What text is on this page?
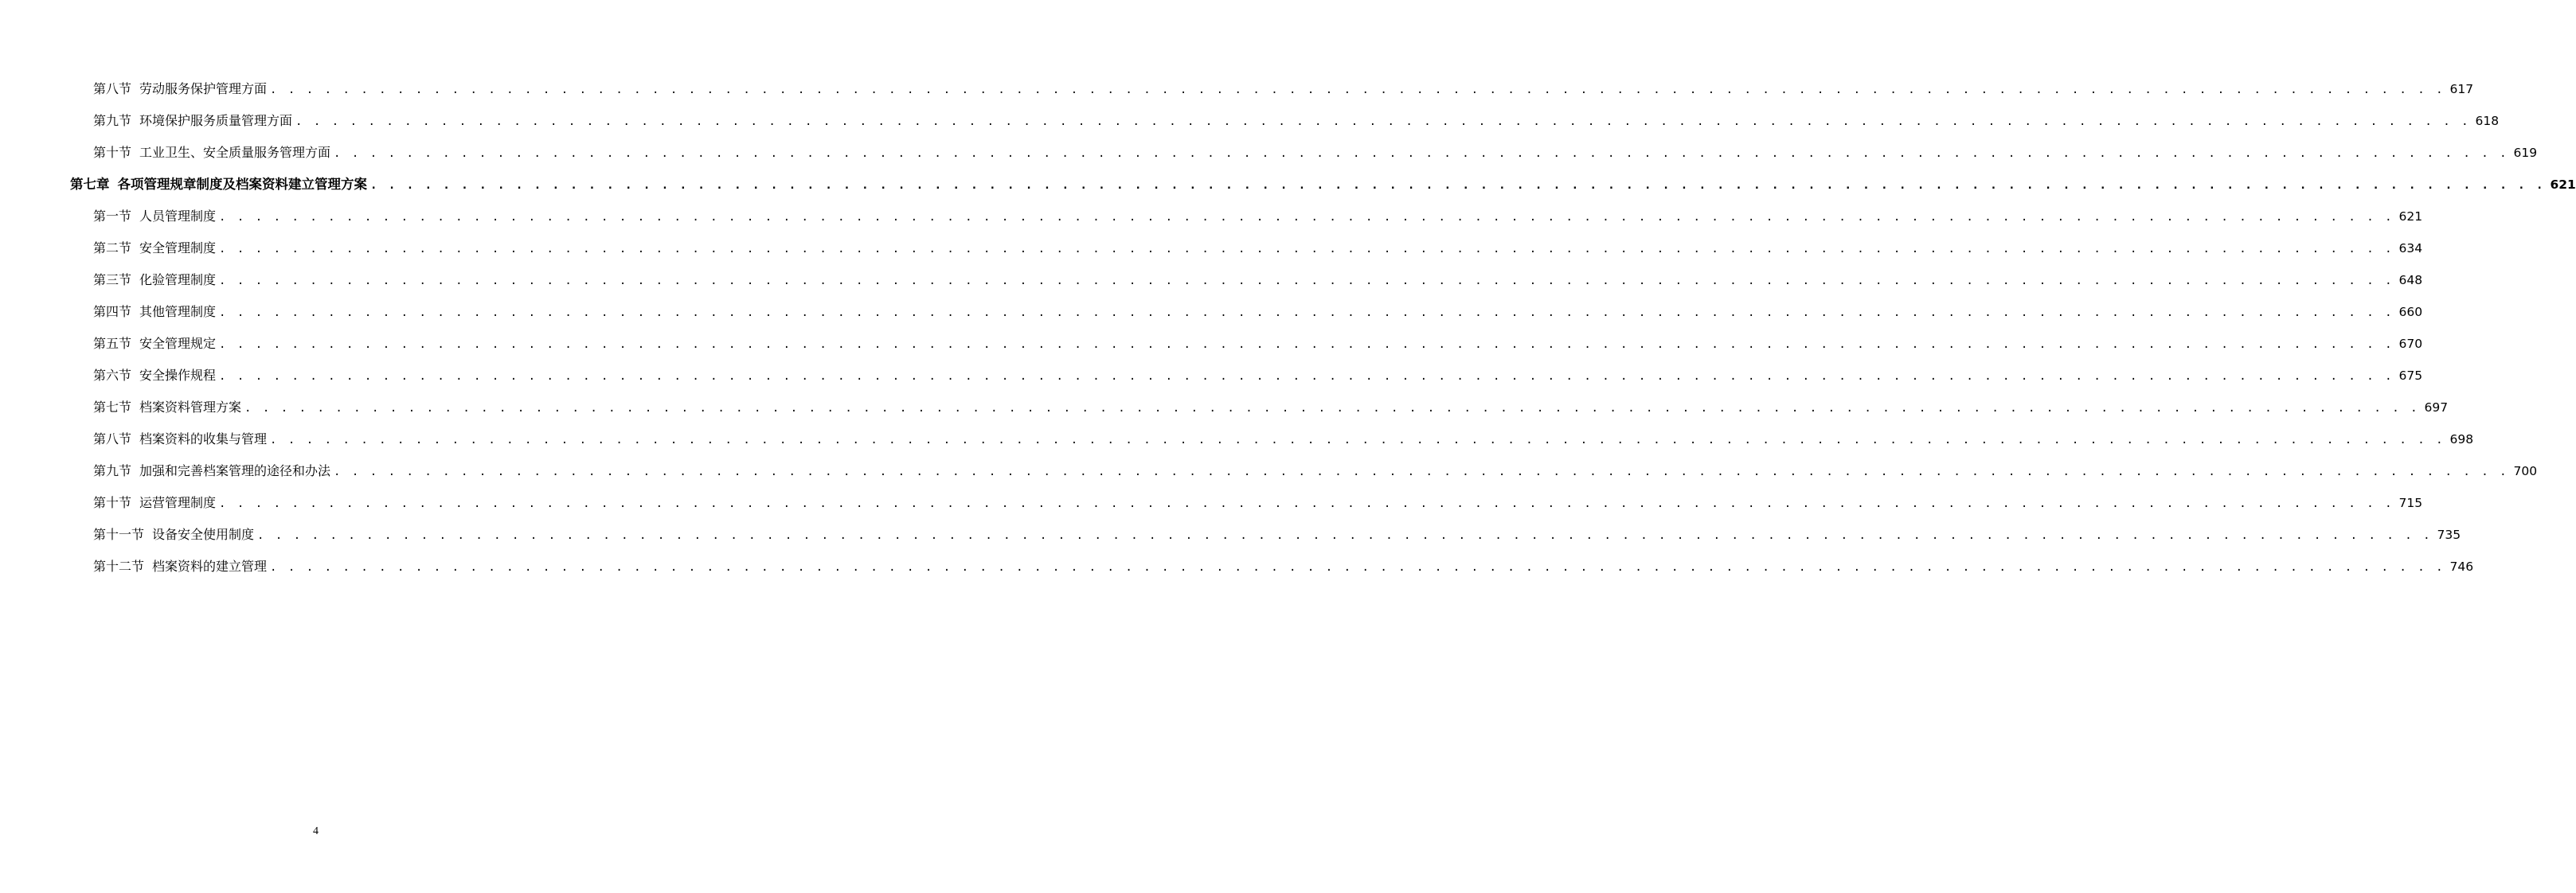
第八节 劳动服务保护管理方面 . . . . . . . . . . . . . . . . . . . . . . . . . . . . . . . . . . . . . . . . . . . . . . . . . . . . . . . . . . . . . . . . . . . . . . . . . . . . . . . . . . . . . . . . . . . . . . . . . . . . . . . . . . . . . . . . . . . . . . . . 617
第九节 环境保护服务质量管理方面 . . . . . . . . . . . . . . . . . . . . . . . . . . . . . . . . . . . . . . . . . . . . . . . . . . . . . . . . . . . . . . . . . . . . . . . . . . . . . . . . . . . . . . . . . . . . . . . . . . . . . . . . . . . . . . . . . . . . . . . . 618
第十节 工业卫生、安全质量服务管理方面 . . . . . . . . . . . . . . . . . . . . . . . . . . . . . . . . . . . . . . . . . . . . . . . . . . . . . . . . . . . . . . . . . . . . . . . . . . . . . . . . . . . . . . . . . . . . . . . . . . . . . . . . . . . . . . . . . . . . . . . . 619
第七章 各项管理规章制度及档案资料建立管理方案 . . . . . . . . . . . . . . . . . . . . . . . . . . . . . . . . . . . . . . . . . . . . . . . . . . . . . . . . . . . . . . . . . . . . . . . . . . . . . . . . . . . . . . . . . . . . . . . . . . . . . . . . . . . . . . . . . . . . . . . . 621
第一节 人员管理制度 . . . . . . . . . . . . . . . . . . . . . . . . . . . . . . . . . . . . . . . . . . . . . . . . . . . . . . . . . . . . . . . . . . . . . . . . . . . . . . . . . . . . . . . . . . . . . . . . . . . . . . . . . . . . . . . . . . . . . . . . 621
第二节 安全管理制度 . . . . . . . . . . . . . . . . . . . . . . . . . . . . . . . . . . . . . . . . . . . . . . . . . . . . . . . . . . . . . . . . . . . . . . . . . . . . . . . . . . . . . . . . . . . . . . . . . . . . . . . . . . . . . . . . . . . . . . . . 634
第三节 化验管理制度 . . . . . . . . . . . . . . . . . . . . . . . . . . . . . . . . . . . . . . . . . . . . . . . . . . . . . . . . . . . . . . . . . . . . . . . . . . . . . . . . . . . . . . . . . . . . . . . . . . . . . . . . . . . . . . . . . . . . . . . . 648
第四节 其他管理制度 . . . . . . . . . . . . . . . . . . . . . . . . . . . . . . . . . . . . . . . . . . . . . . . . . . . . . . . . . . . . . . . . . . . . . . . . . . . . . . . . . . . . . . . . . . . . . . . . . . . . . . . . . . . . . . . . . . . . . . . . 660
第五节 安全管理规定 . . . . . . . . . . . . . . . . . . . . . . . . . . . . . . . . . . . . . . . . . . . . . . . . . . . . . . . . . . . . . . . . . . . . . . . . . . . . . . . . . . . . . . . . . . . . . . . . . . . . . . . . . . . . . . . . . . . . . . . . 670
第六节 安全操作规程 . . . . . . . . . . . . . . . . . . . . . . . . . . . . . . . . . . . . . . . . . . . . . . . . . . . . . . . . . . . . . . . . . . . . . . . . . . . . . . . . . . . . . . . . . . . . . . . . . . . . . . . . . . . . . . . . . . . . . . . . 675
第七节 档案资料管理方案 . . . . . . . . . . . . . . . . . . . . . . . . . . . . . . . . . . . . . . . . . . . . . . . . . . . . . . . . . . . . . . . . . . . . . . . . . . . . . . . . . . . . . . . . . . . . . . . . . . . . . . . . . . . . . . . . . . . . . . . . 697
第八节 档案资料的收集与管理 . . . . . . . . . . . . . . . . . . . . . . . . . . . . . . . . . . . . . . . . . . . . . . . . . . . . . . . . . . . . . . . . . . . . . . . . . . . . . . . . . . . . . . . . . . . . . . . . . . . . . . . . . . . . . . . . . . . . . . . . 698
第九节 加强和完善档案管理的途径和办法 . . . . . . . . . . . . . . . . . . . . . . . . . . . . . . . . . . . . . . . . . . . . . . . . . . . . . . . . . . . . . . . . . . . . . . . . . . . . . . . . . . . . . . . . . . . . . . . . . . . . . . . . . . . . . . . . . . . . . . . . 700
第十节 运营管理制度 . . . . . . . . . . . . . . . . . . . . . . . . . . . . . . . . . . . . . . . . . . . . . . . . . . . . . . . . . . . . . . . . . . . . . . . . . . . . . . . . . . . . . . . . . . . . . . . . . . . . . . . . . . . . . . . . . . . . . . . . 715
第十一节 设备安全使用制度 . . . . . . . . . . . . . . . . . . . . . . . . . . . . . . . . . . . . . . . . . . . . . . . . . . . . . . . . . . . . . . . . . . . . . . . . . . . . . . . . . . . . . . . . . . . . . . . . . . . . . . . . . . . . . . . . . . . . . . . . 735
第十二节 档案资料的建立管理 . . . . . . . . . . . . . . . . . . . . . . . . . . . . . . . . . . . . . . . . . . . . . . . . . . . . . . . . . . . . . . . . . . . . . . . . . . . . . . . . . . . . . . . . . . . . . . . . . . . . . . . . . . . . . . . . . . . . . . . . 746
4
